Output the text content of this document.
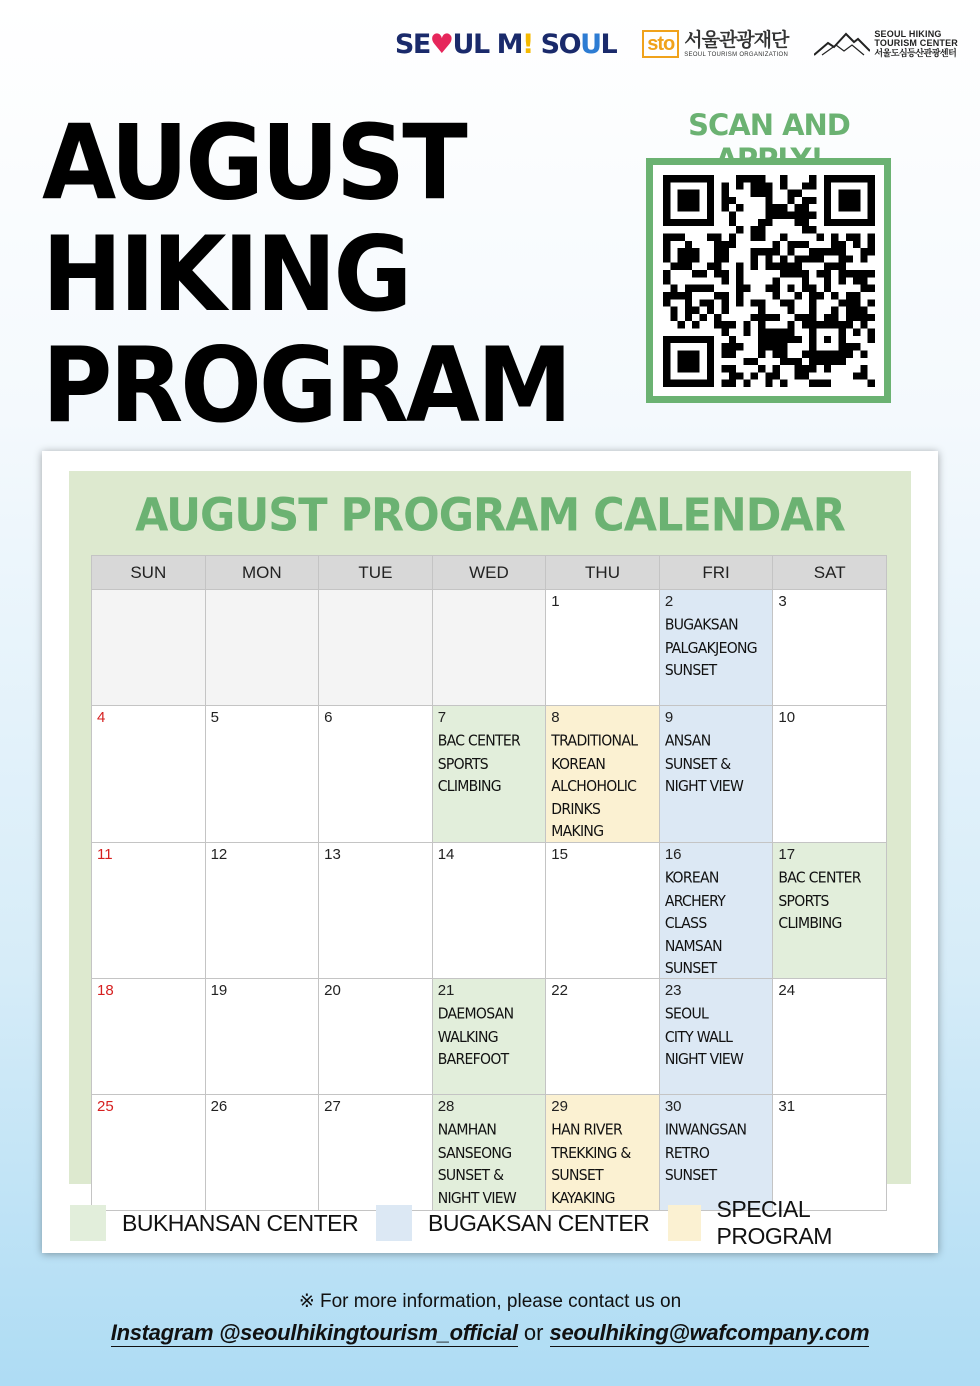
SE ♥ UL
M !
SO U L sto 서울관광재단
SEOUL TOURISM ORGANIZATION
SEOUL HIKING
TOURISM CENTER
서울도심등산관광센터
AUGUST
HIKING
PROGRAM
SCAN AND
AUGUST PROGRAM CALENDAR
SUN	MON	TUE	WED	THU	FRI	SAT

				1	2
BUGAKSAN
PALGAKJEONG
SUNSET	3

4	5	6	7
BAC CENTER
SPORTS
CLIMBING	8
TRADITIONAL
KOREAN
ALCHOHOLIC
DRINKS MAKING	9
ANSAN
SUNSET &
NIGHT VIEW	10

11	12	13	14	15	16
KOREAN
ARCHERY CLASS
NAMSAN
SUNSET	17
BAC CENTER
SPORTS
CLIMBING

18	19	20	21
DAEMOSAN
WALKING
BAREFOOT	22	23
SEOUL
CITY WALL
NIGHT VIEW	24

25	26	27	28
NAMHAN
SANSEONG
SUNSET &
NIGHT VIEW	29
HAN RIVER
TREKKING &
SUNSET
KAYAKING	30
INWANGSAN
RETRO
SUNSET	31
BUKHANSAN CENTER	BUGAKSAN CENTER
SPECIAL PROGRAM
※ For more information, please contact us on
Instagram @seoulhikingtourism_official or seoulhiking@wafcompany.com
